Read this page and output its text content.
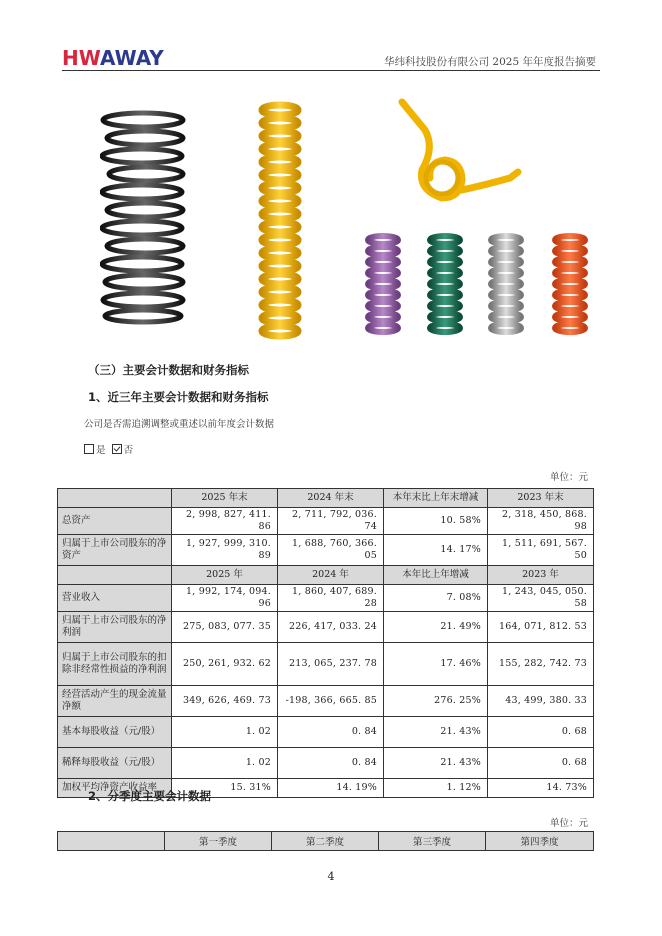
HW AWAY	华纬科技股份有限公司 2025 年年度报告摘要
（三）主要会计数据和财务指标
1、近三年主要会计数据和财务指标
公司是否需追溯调整或重述以前年度会计数据
是 否
单位：元
	2025 年末	2024 年末	本年末比上年末增减	2023 年末
总资产	2, 998, 827, 411. 86	2, 711, 792, 036. 74	10. 58%	2, 318, 450, 868. 98
归属于上市公司股东的净资产	1, 927, 999, 310. 89	1, 688, 760, 366. 05	14. 17%	1, 511, 691, 567. 50
	2025 年	2024 年	本年比上年增减	2023 年
营业收入	1, 992, 174, 094. 96	1, 860, 407, 689. 28	7. 08%	1, 243, 045, 050. 58
归属于上市公司股东的净利润	275, 083, 077. 35	226, 417, 033. 24	21. 49%	164, 071, 812. 53
归属于上市公司股东的扣除非经常性损益的净利润	250, 261, 932. 62	213, 065, 237. 78	17. 46%	155, 282, 742. 73
经营活动产生的现金流量净额	349, 626, 469. 73	-198, 366, 665. 85	276. 25%	43, 499, 380. 33
基本每股收益（元/股）	1. 02	0. 84	21. 43%	0. 68
稀释每股收益（元/股）	1. 02	0. 84	21. 43%	0. 68
加权平均净资产收益率	15. 31%	14. 19%	1. 12%	14. 73%
2、分季度主要会计数据
单位：元
	第一季度	第二季度	第三季度	第四季度
4
